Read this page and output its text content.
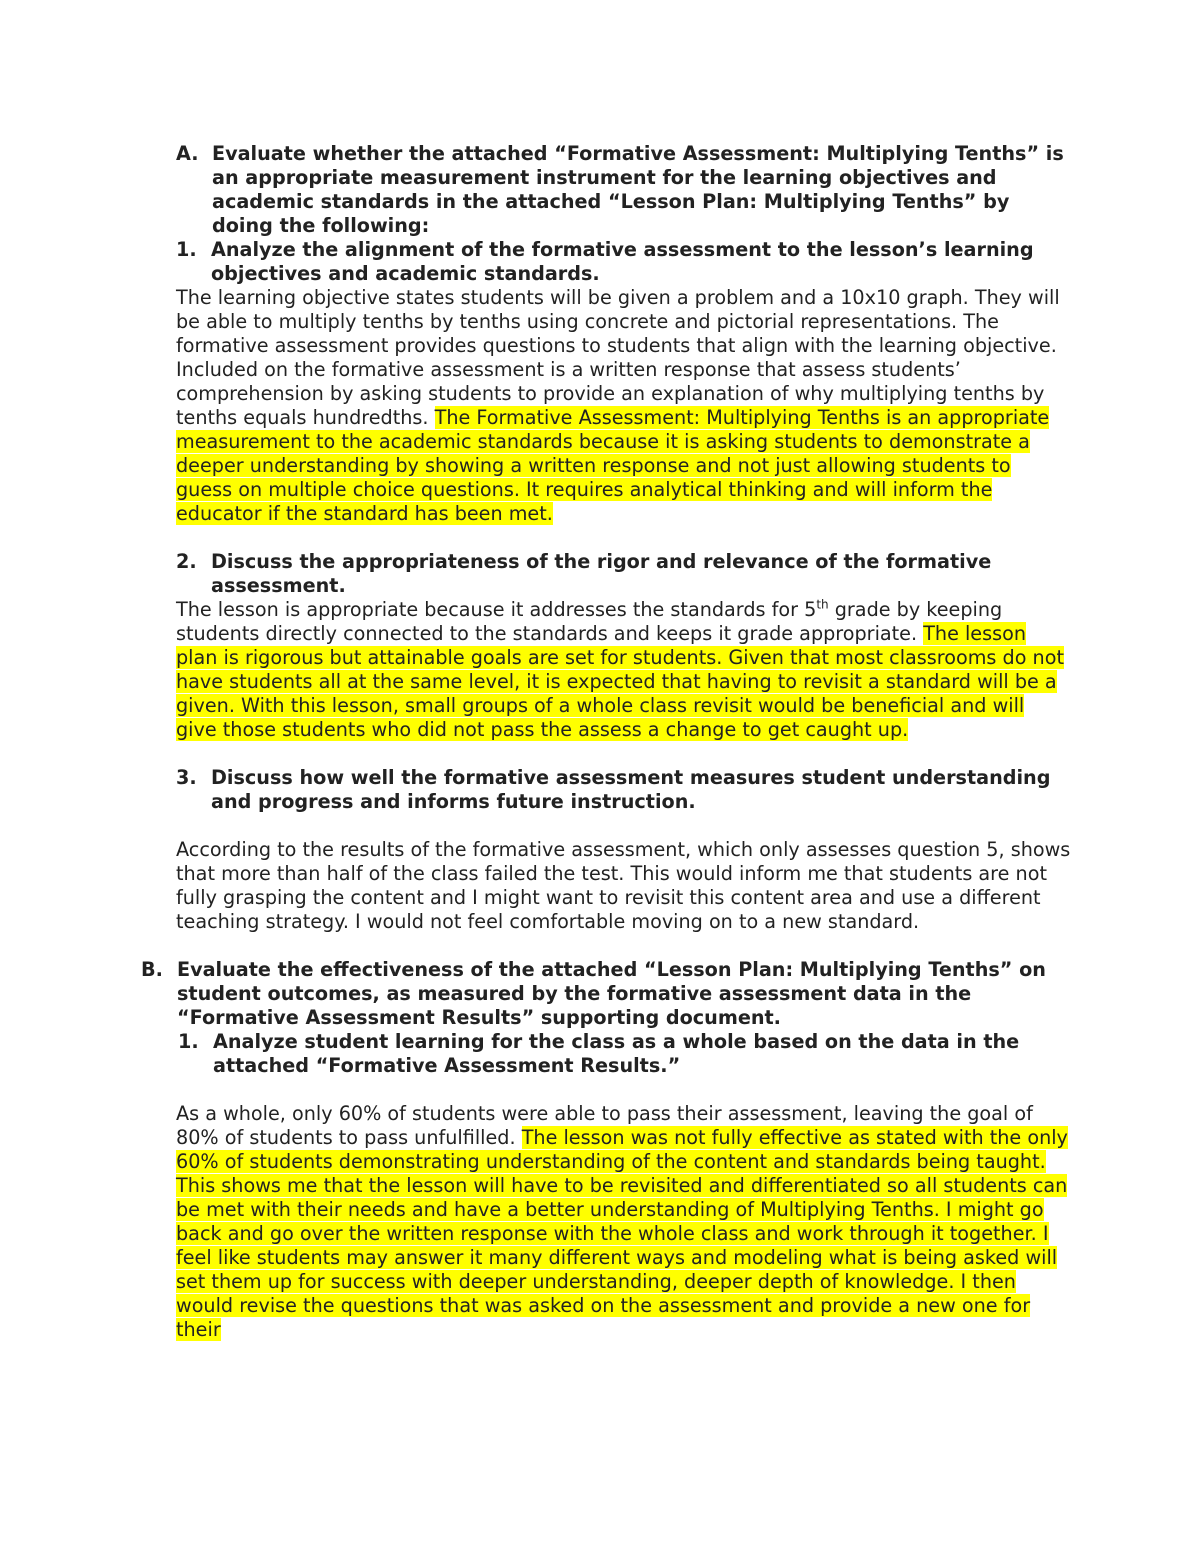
A. Evaluate whether the attached “Formative Assessment: Multiplying Tenths” is an appropriate measurement instrument for the learning objectives and academic standards in the attached “Lesson Plan: Multiplying Tenths” by doing the following:
1. Analyze the alignment of the formative assessment to the lesson’s learning objectives and academic standards.

The learning objective states students will be given a problem and a 10x10 graph. They will be able to multiply tenths by tenths using concrete and pictorial representations. The formative assessment provides questions to students that align with the learning objective. Included on the formative assessment is a written response that assess students’ comprehension by asking students to provide an explanation of why multiplying tenths by tenths equals hundredths. The Formative Assessment: Multiplying Tenths is an appropriate measurement to the academic standards because it is asking students to demonstrate a deeper understanding by showing a written response and not just allowing students to guess on multiple choice questions. It requires analytical thinking and will inform the educator if the standard has been met.

2. Discuss the appropriateness of the rigor and relevance of the formative assessment.

The lesson is appropriate because it addresses the standards for 5th grade by keeping students directly connected to the standards and keeps it grade appropriate. The lesson plan is rigorous but attainable goals are set for students. Given that most classrooms do not have students all at the same level, it is expected that having to revisit a standard will be a given. With this lesson, small groups of a whole class revisit would be beneficial and will give those students who did not pass the assess a change to get caught up.

3. Discuss how well the formative assessment measures student understanding and progress and informs future instruction.

According to the results of the formative assessment, which only assesses question 5, shows that more than half of the class failed the test. This would inform me that students are not fully grasping the content and I might want to revisit this content area and use a different teaching strategy. I would not feel comfortable moving on to a new standard.

B. Evaluate the effectiveness of the attached “Lesson Plan: Multiplying Tenths” on student outcomes, as measured by the formative assessment data in the “Formative Assessment Results” supporting document.
1. Analyze student learning for the class as a whole based on the data in the attached “Formative Assessment Results.”

As a whole, only 60% of students were able to pass their assessment, leaving the goal of 80% of students to pass unfulfilled. The lesson was not fully effective as stated with the only 60% of students demonstrating understanding of the content and standards being taught. This shows me that the lesson will have to be revisited and differentiated so all students can be met with their needs and have a better understanding of Multiplying Tenths. I might go back and go over the written response with the whole class and work through it together. I feel like students may answer it many different ways and modeling what is being asked will set them up for success with deeper understanding, deeper depth of knowledge. I then would revise the questions that was asked on the assessment and provide a new one for their
